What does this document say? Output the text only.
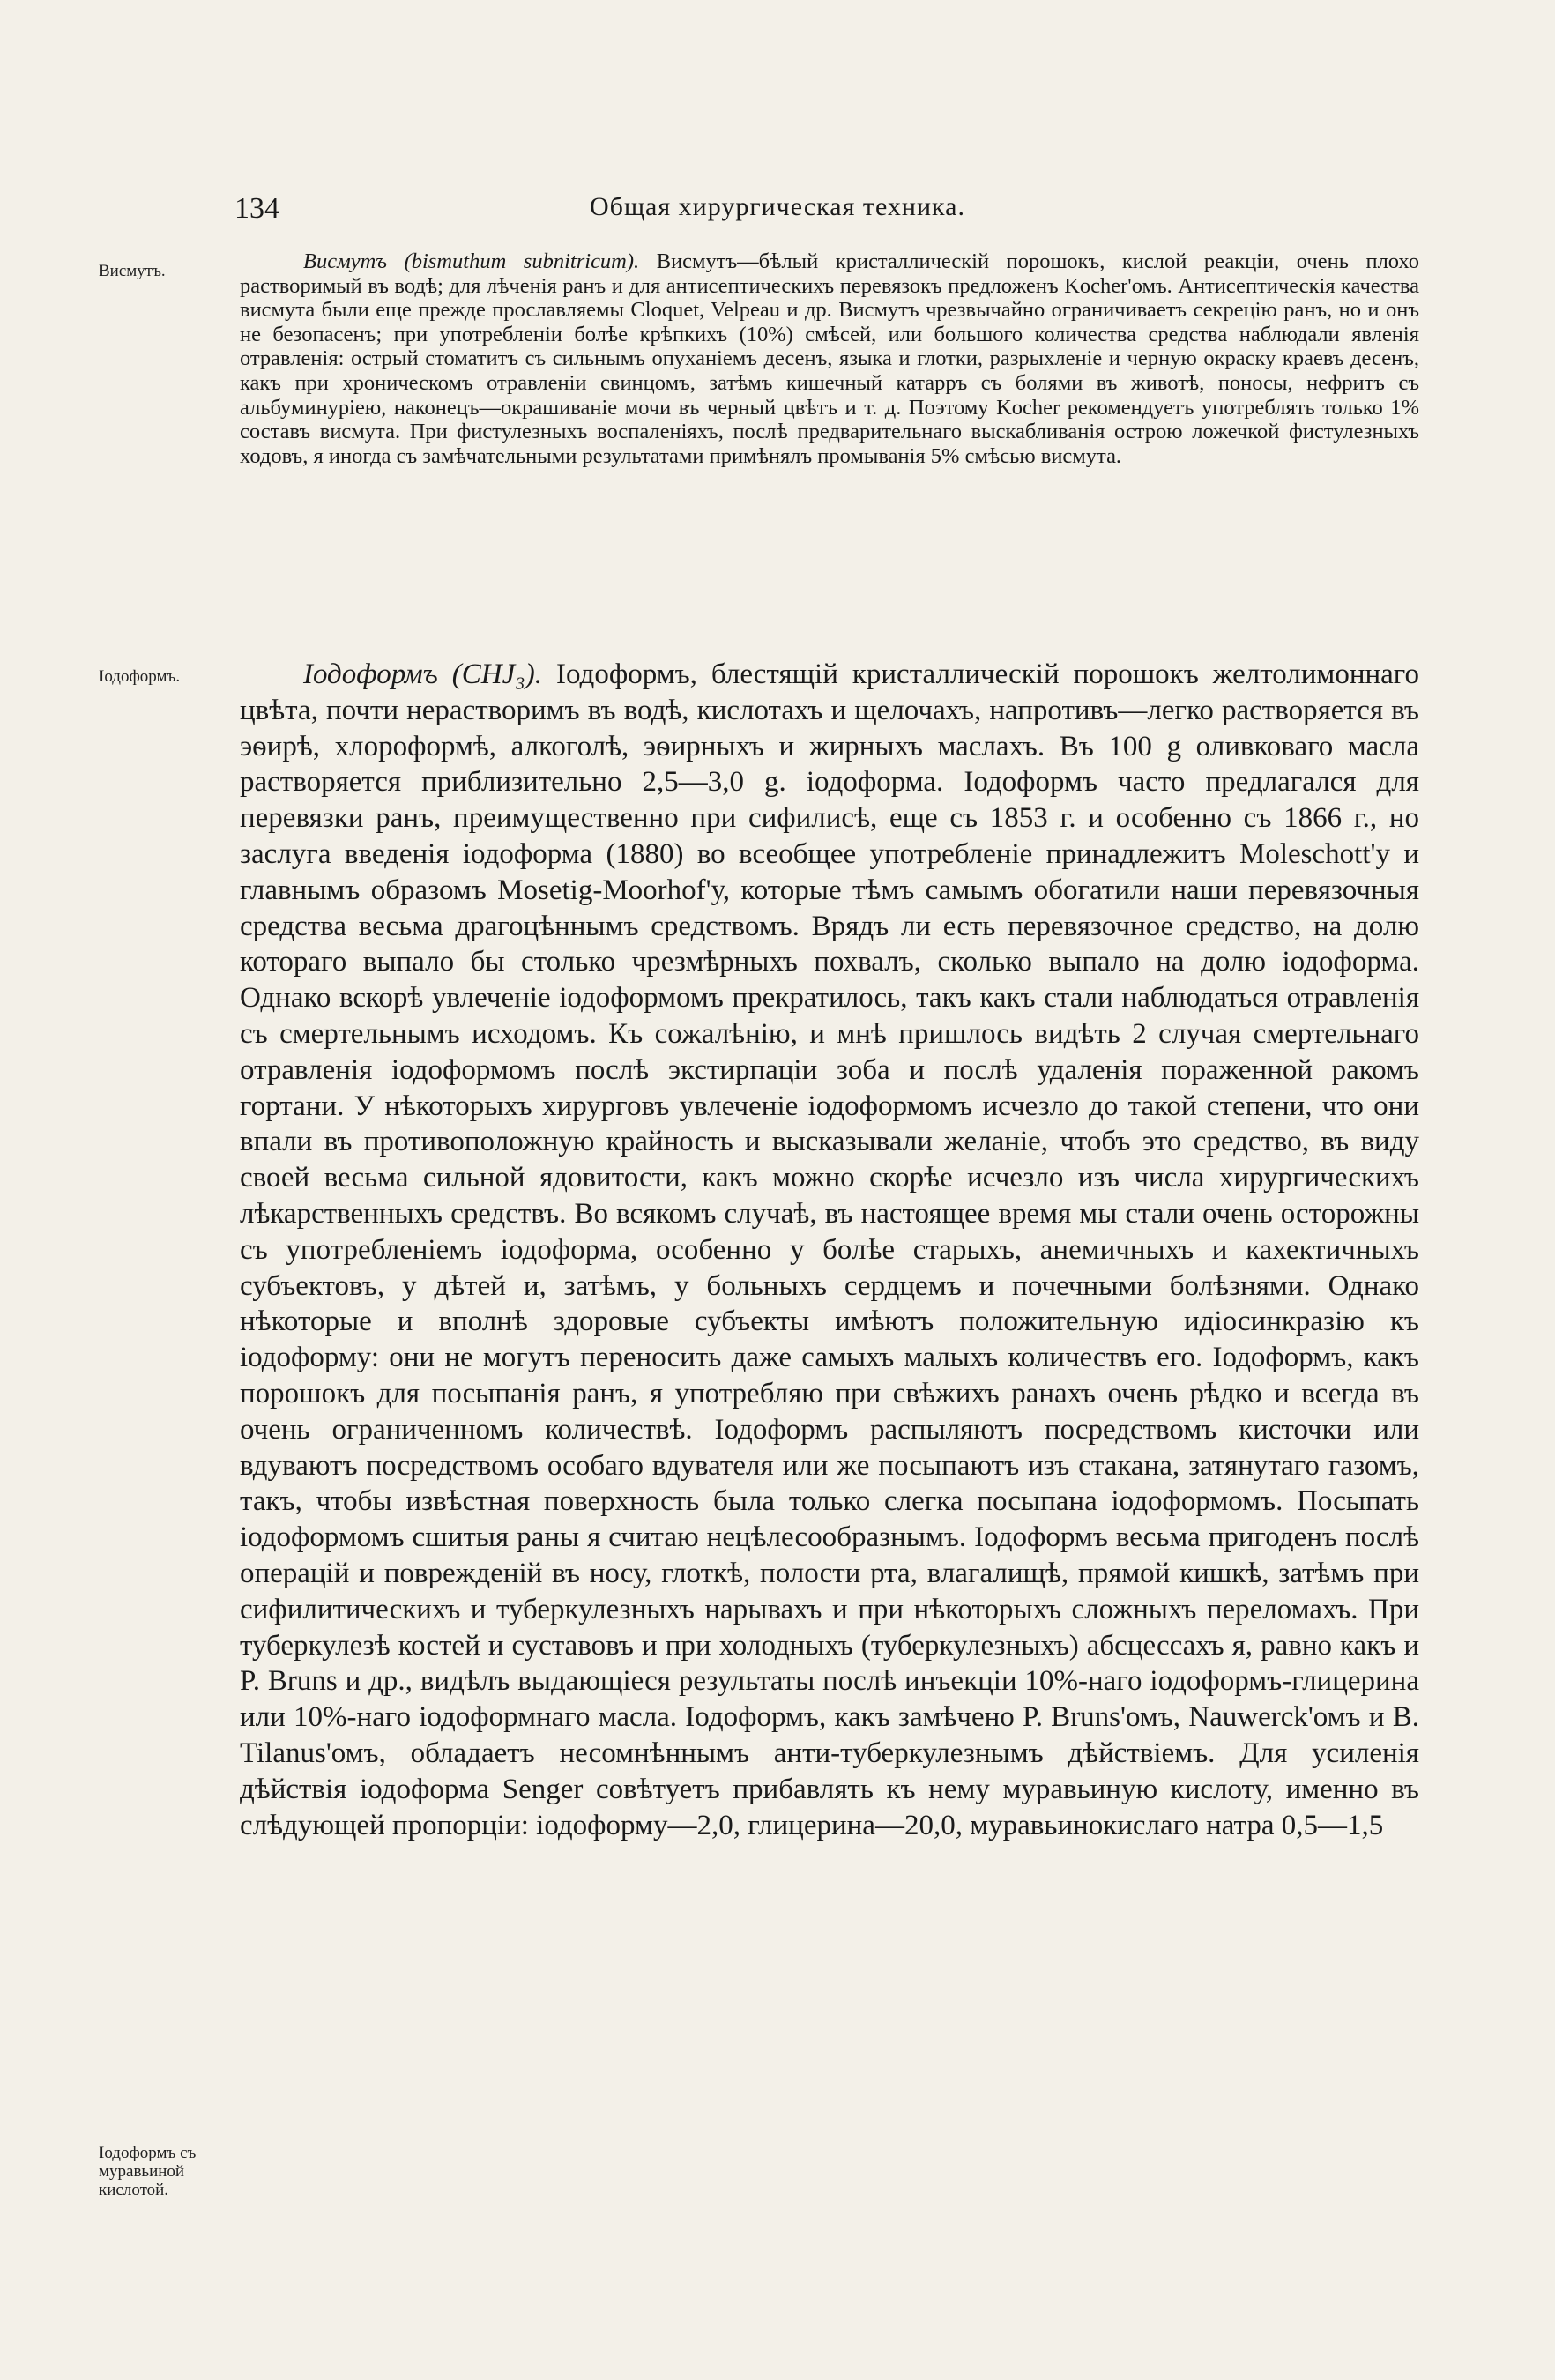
134	Общая хирургическая техника.
Висмутъ.
Іодоформъ.
Іодоформъ съ муравьиной кислотой.

Висмутъ (bismuthum subnitricum). Висмутъ—бѣлый кристаллическій порошокъ, кислой реакціи, очень плохо растворимый въ водѣ; для лѣченія ранъ и для антисептическихъ перевязокъ предложенъ Kocher'омъ. Антисептическія качества висмута были еще прежде прославляемы Cloquet, Velpeau и др. Висмутъ чрезвычайно ограничиваетъ секрецію ранъ, но и онъ не безопасенъ; при употребленіи болѣе крѣпкихъ (10%) смѣсей, или большого количества средства наблюдали явленія отравленія: острый стоматитъ съ сильнымъ опуханіемъ десенъ, языка и глотки, разрыхленіе и черную окраску краевъ десенъ, какъ при хроническомъ отравленіи свинцомъ, затѣмъ кишечный катарръ съ болями въ животѣ, поносы, нефритъ съ альбуминуріею, наконецъ—окрашиваніе мочи въ черный цвѣтъ и т. д. Поэтому Kocher рекомендуетъ употреблять только 1% составъ висмута. При фистулезныхъ воспаленіяхъ, послѣ предварительнаго выскабливанія острою ложечкой фистулезныхъ ходовъ, я иногда съ замѣчательными результатами примѣнялъ промыванія 5% смѣсью висмута.

Іодоформъ (CHJ₃). Іодоформъ, блестящій кристаллическій порошокъ желтолимоннаго цвѣта, почти нерастворимъ въ водѣ, кислотахъ и щелочахъ, напротивъ—легко растворяется въ эѳирѣ, хлороформѣ, алкоголѣ, эѳирныхъ и жирныхъ маслахъ. Въ 100 g оливковаго масла растворяется приблизительно 2,5—3,0 g. іодоформа. Іодоформъ часто предлагался для перевязки ранъ, преимущественно при сифилисѣ, еще съ 1853 г. и особенно съ 1866 г., но заслуга введенія іодоформа (1880) во всеобщее употребленіе принадлежитъ Moleschott'у и главнымъ образомъ Mosetig-Moorhof'у, которые тѣмъ самымъ обогатили наши перевязочныя средства весьма драгоцѣннымъ средствомъ. Врядъ ли есть перевязочное средство, на долю котораго выпало бы столько чрезмѣрныхъ похвалъ, сколько выпало на долю іодоформа. Однако вскорѣ увлеченіе іодоформомъ прекратилось, такъ какъ стали наблюдаться отравленія съ смертельнымъ исходомъ. Къ сожалѣнію, и мнѣ пришлось видѣть 2 случая смертельнаго отравленія іодоформомъ послѣ экстирпаціи зоба и послѣ удаленія пораженной ракомъ гортани. У нѣкоторыхъ хирурговъ увлеченіе іодоформомъ исчезло до такой степени, что они впали въ противоположную крайность и высказывали желаніе, чтобъ это средство, въ виду своей весьма сильной ядовитости, какъ можно скорѣе исчезло изъ числа хирургическихъ лѣкарственныхъ средствъ. Во всякомъ случаѣ, въ настоящее время мы стали очень осторожны съ употребленіемъ іодоформа, особенно у болѣе старыхъ, анемичныхъ и кахектичныхъ субъектовъ, у дѣтей и, затѣмъ, у больныхъ сердцемъ и почечными болѣзнями. Однако нѣкоторые и вполнѣ здоровые субъекты имѣютъ положительную идіосинкразію къ іодоформу: они не могутъ переносить даже самыхъ малыхъ количествъ его. Іодоформъ, какъ порошокъ для посыпанія ранъ, я употребляю при свѣжихъ ранахъ очень рѣдко и всегда въ очень ограниченномъ количествѣ. Іодоформъ распыляютъ посредствомъ кисточки или вдуваютъ посредствомъ особаго вдувателя или же посыпаютъ изъ стакана, затянутаго газомъ, такъ, чтобы извѣстная поверхность была только слегка посыпана іодоформомъ. Посыпать іодоформомъ сшитыя раны я считаю нецѣлесообразнымъ. Іодоформъ весьма пригоденъ послѣ операцій и поврежденій въ носу, глоткѣ, полости рта, влагалищѣ, прямой кишкѣ, затѣмъ при сифилитическихъ и туберкулезныхъ нарывахъ и при нѣкоторыхъ сложныхъ переломахъ. При туберкулезѣ костей и суставовъ и при холодныхъ (туберкулезныхъ) абсцессахъ я, равно какъ и P. Bruns и др., видѣлъ выдающіеся результаты послѣ инъекціи 10%-наго іодоформъ-глицерина или 10%-наго іодоформнаго масла. Іодоформъ, какъ замѣчено P. Bruns'омъ, Nauwerck'омъ и B. Tilanus'омъ, обладаетъ несомнѣннымъ анти-туберкулезнымъ дѣйствіемъ. Для усиленія дѣйствія іодоформа Senger совѣтуетъ прибавлять къ нему муравьиную кислоту, именно въ слѣдующей пропорціи: іодоформу—2,0, глицерина—20,0, муравьинокислаго натра 0,5—1,5
